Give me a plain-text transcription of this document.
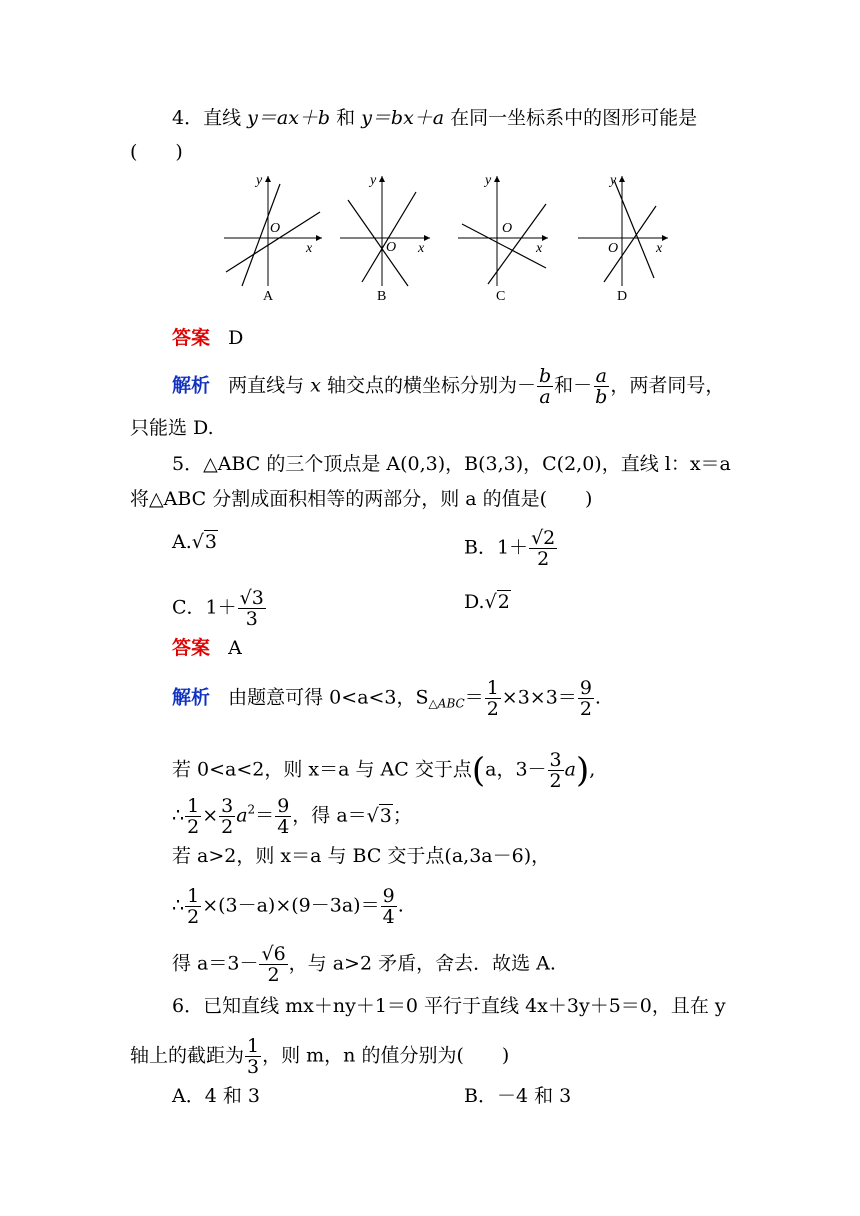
4．直线 y＝ax＋b 和 y＝bx＋a 在同一坐标系中的图形可能是
(　　)
y
x
O
A
y
x
O
B
y
x
O
C
y
x
O
D
答案 D
解析 两直线与 x 轴交点的横坐标分别为－ $\frac{b}{a}$ 和－ $\frac{a}{b}$ ，两者同号，
只能选 D.
5．△ABC 的三个顶点是 A(0,3)，B(3,3)，C(2,0)，直线 l：x＝a
将△ABC 分割成面积相等的两部分，则 a 的值是(　　)
A.√3	B．$1+ \frac{√2}{2}$
C．$1+ \frac{√3}{3}$	D.√2
答案 A
解析 由题意可得 0<a<3，$S_{\triangle ABC}= \frac{1}{2} \times 3\times 3= \frac{9}{2}$ .
若 0<a<2，则 x＝a 与 AC 交于点(a，$3- \frac{3}{2} a$),
∴ $\frac{1}{2} \times \frac{3}{2} a^2= \frac{9}{4}$ ，得 a＝√3；
若 a>2，则 x＝a 与 BC 交于点(a,3a－6)，
∴ $\frac{1}{2} \times(3-a)\times(9-3a)= \frac{9}{4}$ .
得 $a=3- \frac{√6}{2}$ ，与 a>2 矛盾，舍去．故选 A.
6．已知直线 mx＋ny＋1＝0 平行于直线 4x＋3y＋5＝0，且在 y
轴上的截距为 $\frac{1}{3}$ ，则 m，n 的值分别为(　　)
A．4 和 3	B．－4 和 3
